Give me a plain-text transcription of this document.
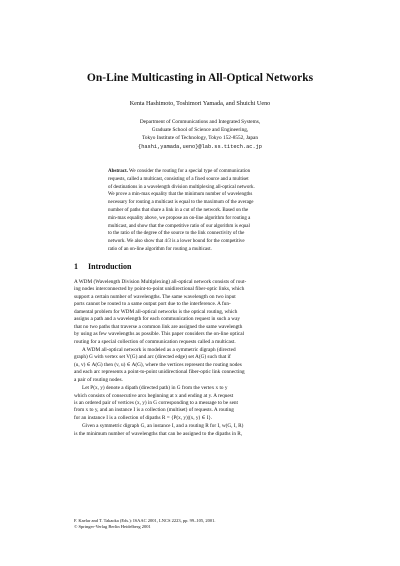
On-Line Multicasting in All-Optical Networks
Kenta Hashimoto, Toshimori Yamada, and Shuichi Ueno
Department of Communications and Integrated Systems,
Graduate School of Science and Engineering,
Tokyo Institute of Technology, Tokyo 152-8552, Japan
{hashi,yamada,ueno}@lab.ss.titech.ac.jp
Abstract. We consider the routing for a special type of communication
requests, called a multicast, consisting of a fixed source and a multiset
of destinations in a wavelength division multiplexing all-optical network.
We prove a min-max equality that the minimum number of wavelengths
necessary for routing a multicast is equal to the maximum of the average
number of paths that share a link in a cut of the network. Based on the
min-max equality above, we propose an on-line algorithm for routing a
multicast, and show that the competitive ratio of our algorithm is equal
to the ratio of the degree of the source to the link connectivity of the
network. We also show that 4/3 is a lower bound for the competitive
ratio of an on-line algorithm for routing a multicast.
1 Introduction
A WDM (Wavelength Division Multiplexing) all-optical network consists of rout-
ing nodes interconnected by point-to-point unidirectional fiber-optic links, which
support a certain number of wavelengths. The same wavelength on two input
ports cannot be routed to a same output port due to the interference. A fun-
damental problem for WDM all-optical networks is the optical routing, which
assigns a path and a wavelength for each communication request in such a way
that no two paths that traverse a common link are assigned the same wavelength
by using as few wavelengths as possible. This paper considers the on-line optical
routing for a special collection of communication requests called a multicast.
A WDM all-optical network is modeled as a symmetric digraph (directed
graph) G with vertex set V(G) and arc (directed edge) set A(G) such that if
(u, v) ∈ A(G) then (v, u) ∈ A(G), where the vertices represent the routing nodes
and each arc represents a point-to-point unidirectional fiber-optic link connecting
a pair of routing nodes.
Let P(x, y) denote a dipath (directed path) in G from the vertex x to y
which consists of consecutive arcs beginning at x and ending at y. A request
is an ordered pair of vertices (x, y) in G corresponding to a message to be sent
from x to y, and an instance I is a collection (multiset) of requests. A routing
for an instance I is a collection of dipaths R = {P(x, y)|(x, y) ∈ I}.
Given a symmetric digraph G, an instance I, and a routing R for I, w(G, I, R)
is the minimum number of wavelengths that can be assigned to the dipaths in R,
F. Kaelar and T. Takaoka (Eds.): ISAAC 2001, LNCS 2223, pp. 99–105, 2001.
© Springer-Verlag Berlin Heidelberg 2001
